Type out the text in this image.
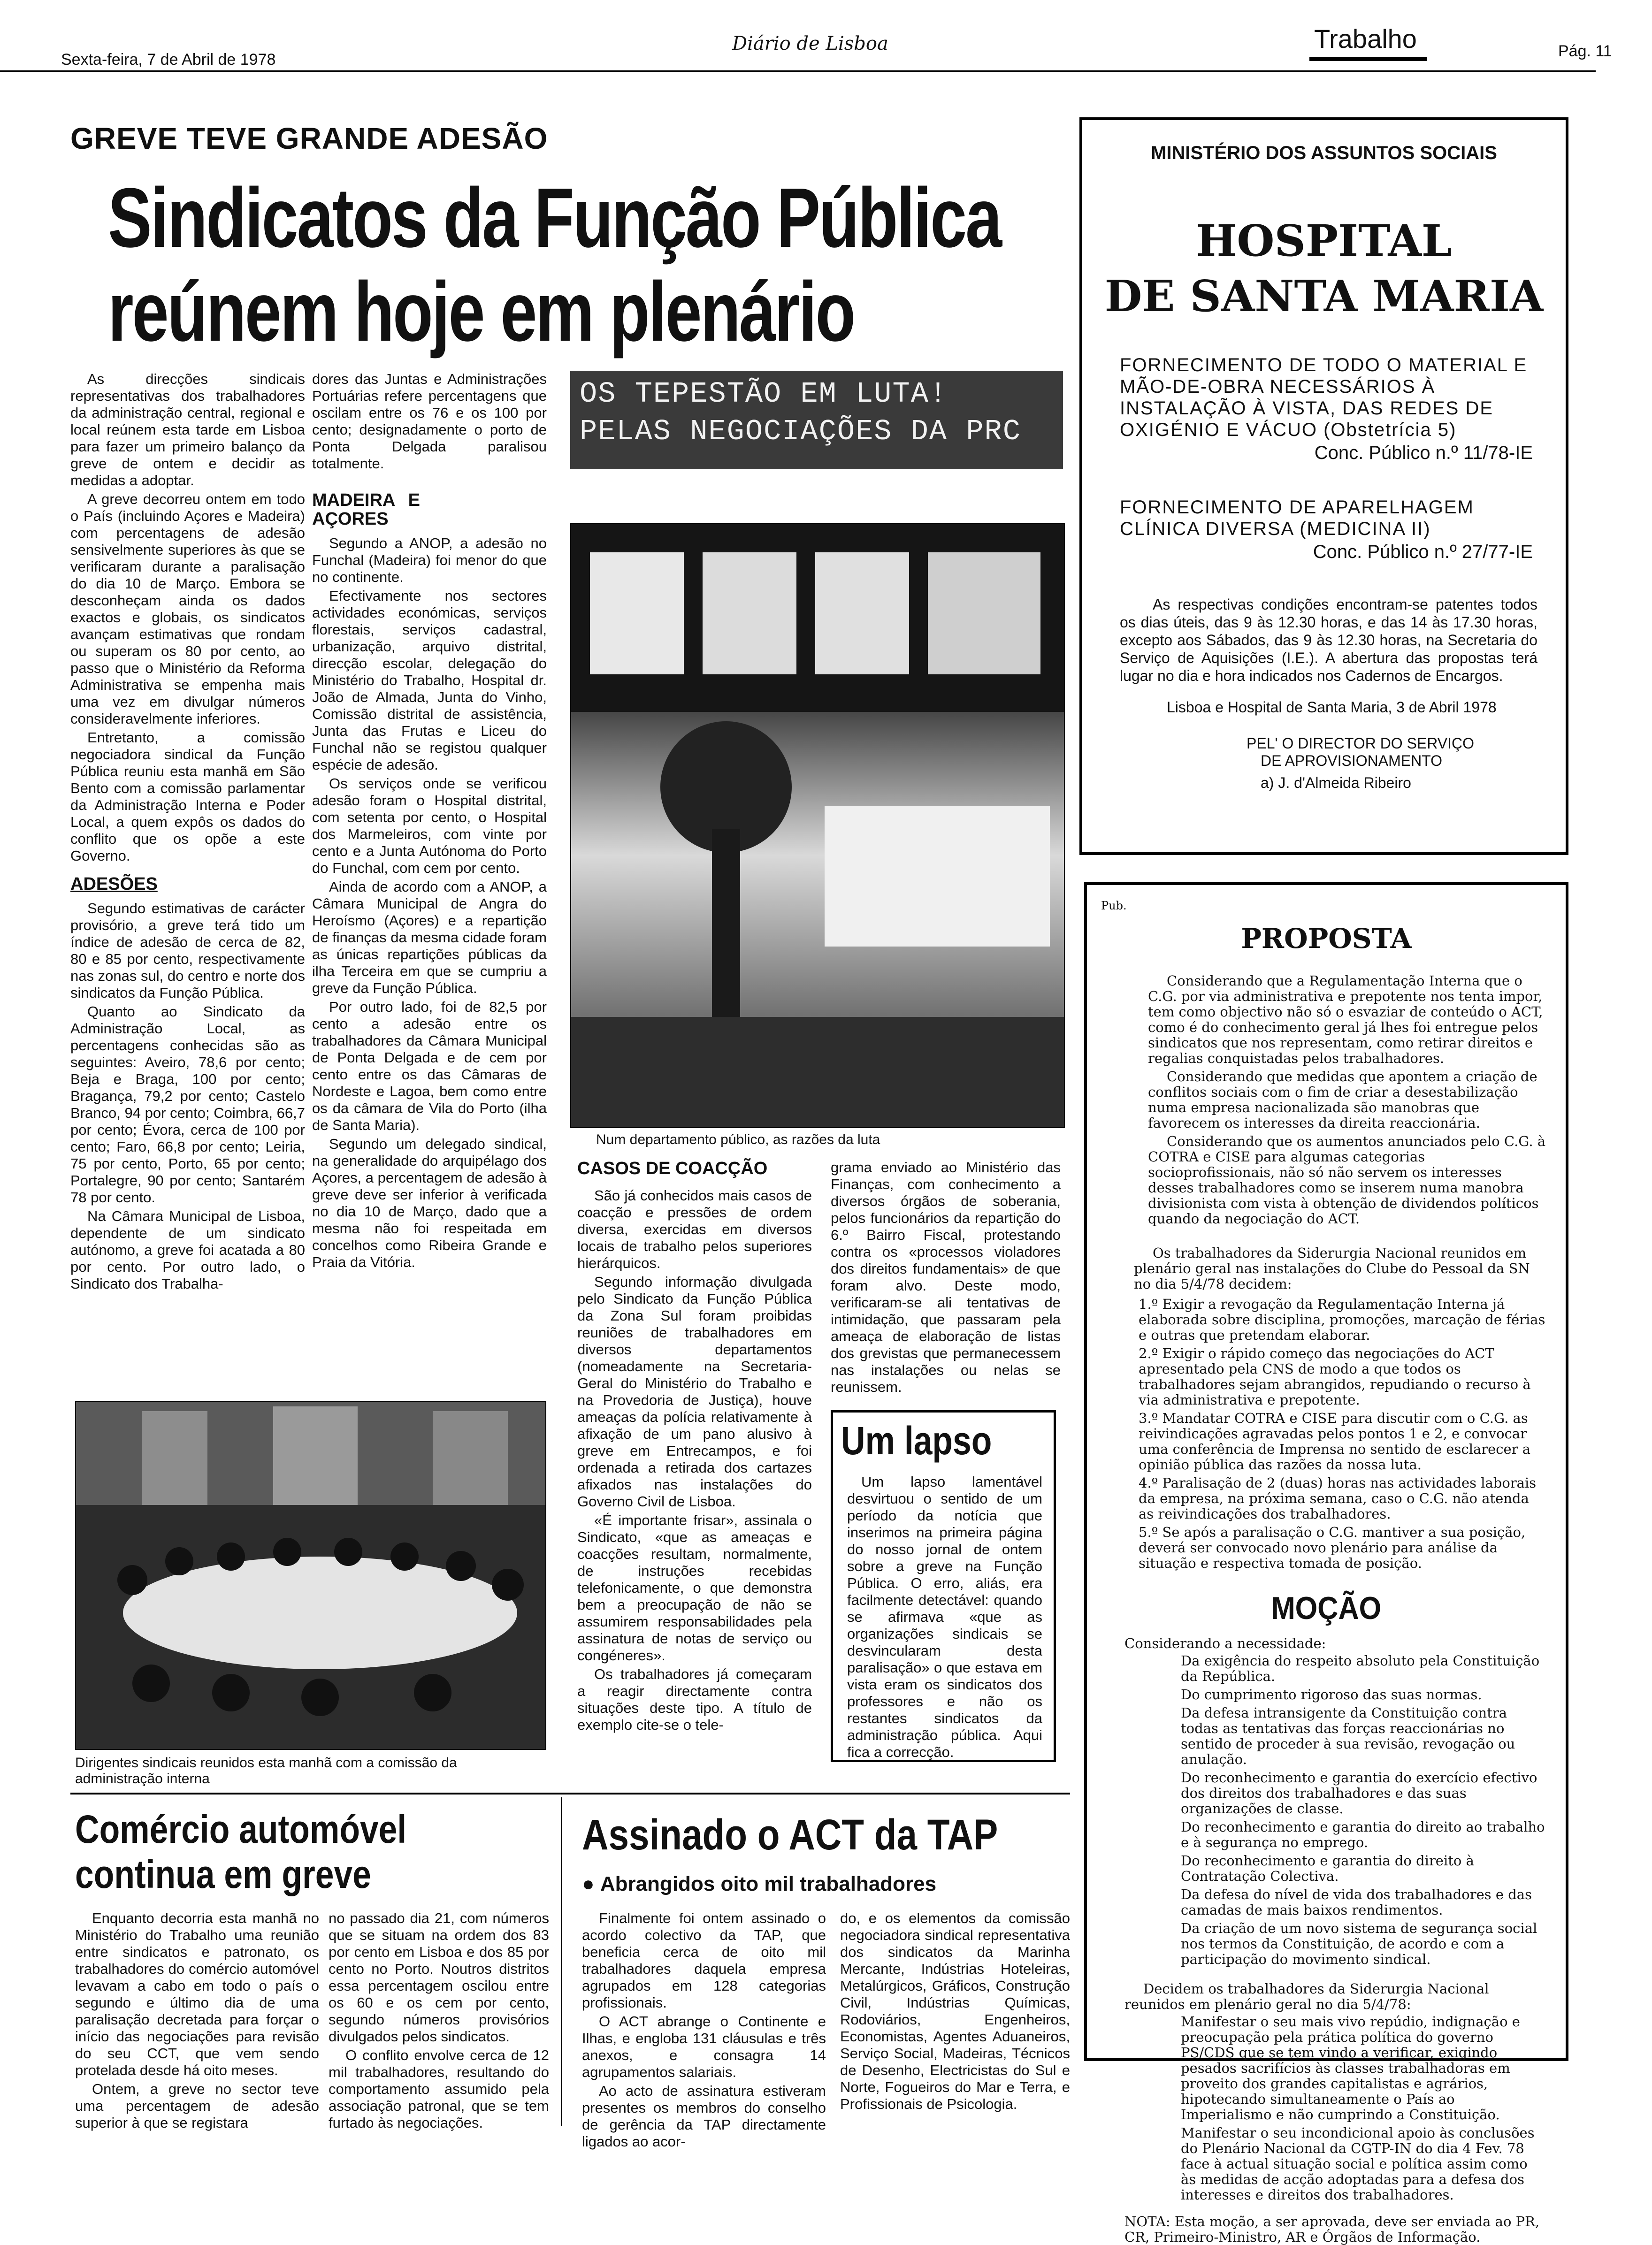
Sexta-feira, 7 de Abril de 1978
Diário de Lisboa	Trabalho	Pág. 11
GREVE TEVE GRANDE ADESÃO
Sindicatos da Função Pública
reúnem hoje em plenário

As direcções sindicais representativas dos trabalhadores da administração central, regional e local reúnem esta tarde em Lisboa para fazer um primeiro balanço da greve de ontem e decidir as medidas a adoptar.

A greve decorreu ontem em todo o País (incluindo Açores e Madeira) com percentagens de adesão sensivelmente superiores às que se verificaram durante a paralisação do dia 10 de Março. Embora se desconheçam ainda os dados exactos e globais, os sindicatos avançam estimativas que rondam ou superam os 80 por cento, ao passo que o Ministério da Reforma Administrativa se empenha mais uma vez em divulgar números consideravelmente inferiores.

Entretanto, a comissão negociadora sindical da Função Pública reuniu esta manhã em São Bento com a comissão parlamentar da Administração Interna e Poder Local, a quem expôs os dados do conflito que os opõe a este Governo.

ADESÕES

Segundo estimativas de carácter provisório, a greve terá tido um índice de adesão de cerca de 82, 80 e 85 por cento, respectivamente nas zonas sul, do centro e norte dos sindicatos da Função Pública.

Quanto ao Sindicato da Administração Local, as percentagens conhecidas são as seguintes: Aveiro, 78,6 por cento; Beja e Braga, 100 por cento; Bragança, 79,2 por cento; Castelo Branco, 94 por cento; Coimbra, 66,7 por cento; Évora, cerca de 100 por cento; Faro, 66,8 por cento; Leiria, 75 por cento, Porto, 65 por cento; Portalegre, 90 por cento; Santarém 78 por cento.

Na Câmara Municipal de Lisboa, dependente de um sindicato autónomo, a greve foi acatada a 80 por cento. Por outro lado, o Sindicato dos Trabalha-

dores das Juntas e Administrações Portuárias refere percentagens que oscilam entre os 76 e os 100 por cento; designadamente o porto de Ponta Delgada paralisou totalmente.

MADEIRA E AÇORES

Segundo a ANOP, a adesão no Funchal (Madeira) foi menor do que no continente.

Efectivamente nos sectores actividades económicas, serviços florestais, serviços cadastral, urbanização, arquivo distrital, direcção escolar, delegação do Ministério do Trabalho, Hospital dr. João de Almada, Junta do Vinho, Comissão distrital de assistência, Junta das Frutas e Liceu do Funchal não se registou qualquer espécie de adesão.

Os serviços onde se verificou adesão foram o Hospital distrital, com setenta por cento, o Hospital dos Marmeleiros, com vinte por cento e a Junta Autónoma do Porto do Funchal, com cem por cento.

Ainda de acordo com a ANOP, a Câmara Municipal de Angra do Heroísmo (Açores) e a repartição de finanças da mesma cidade foram as únicas repartições públicas da ilha Terceira em que se cumpriu a greve da Função Pública.

Por outro lado, foi de 82,5 por cento a adesão entre os trabalhadores da Câmara Municipal de Ponta Delgada e de cem por cento entre os das Câmaras de Nordeste e Lagoa, bem como entre os da câmara de Vila do Porto (ilha de Santa Maria).

Segundo um delegado sindical, na generalidade do arquipélago dos Açores, a percentagem de adesão à greve deve ser inferior à verificada no dia 10 de Março, dado que a mesma não foi respeitada em concelhos como Ribeira Grande e Praia da Vitória.

OS TEPESTÃO EM LUTA! PELAS NEGOCIAÇÕES DA PRC
Num departamento público, as razões da luta
Dirigentes sindicais reunidos esta manhã com a comissão da administração interna
CASOS DE COACÇÃO

São já conhecidos mais casos de coacção e pressões de ordem diversa, exercidas em diversos locais de trabalho pelos superiores hierárquicos.

Segundo informação divulgada pelo Sindicato da Função Pública da Zona Sul foram proibidas reuniões de trabalhadores em diversos departamentos (nomeadamente na Secretaria-Geral do Ministério do Trabalho e na Provedoria de Justiça), houve ameaças da polícia relativamente à afixação de um pano alusivo à greve em Entrecampos, e foi ordenada a retirada dos cartazes afixados nas instalações do Governo Civil de Lisboa.

«É importante frisar», assinala o Sindicato, «que as ameaças e coacções resultam, normalmente, de instruções recebidas telefonicamente, o que demonstra bem a preocupação de não se assumirem responsabilidades pela assinatura de notas de serviço ou congéneres».

Os trabalhadores já começaram a reagir directamente contra situações deste tipo. A título de exemplo cite-se o tele-

grama enviado ao Ministério das Finanças, com conhecimento a diversos órgãos de soberania, pelos funcionários da repartição do 6.º Bairro Fiscal, protestando contra os «processos violadores dos direitos fundamentais» de que foram alvo. Deste modo, verificaram-se ali tentativas de intimidação, que passaram pela ameaça de elaboração de listas dos grevistas que permanecessem nas instalações ou nelas se reunissem.

Um lapso
Um lapso lamentável desvirtuou o sentido de um período da notícia que inserimos na primeira página do nosso jornal de ontem sobre a greve na Função Pública. O erro, aliás, era facilmente detectável: quando se afirmava «que as organizações sindicais se desvincularam desta paralisação» o que estava em vista eram os sindicatos dos professores e não os restantes sindicatos da administração pública. Aqui fica a correcção.
Comércio automóvel
continua em greve

Enquanto decorria esta manhã no Ministério do Trabalho uma reunião entre sindicatos e patronato, os trabalhadores do comércio automóvel levavam a cabo em todo o país o segundo e último dia de uma paralisação decretada para forçar o início das negociações para revisão do seu CCT, que vem sendo protelada desde há oito meses.

Ontem, a greve no sector teve uma percentagem de adesão superior à que se registara

no passado dia 21, com números que se situam na ordem dos 83 por cento em Lisboa e dos 85 por cento no Porto. Noutros distritos essa percentagem oscilou entre os 60 e os cem por cento, segundo números provisórios divulgados pelos sindicatos.

O conflito envolve cerca de 12 mil trabalhadores, resultando do comportamento assumido pela associação patronal, que se tem furtado às negociações.

Assinado o ACT da TAP
● Abrangidos oito mil trabalhadores

Finalmente foi ontem assinado o acordo colectivo da TAP, que beneficia cerca de oito mil trabalhadores daquela empresa agrupados em 128 categorias profissionais.

O ACT abrange o Continente e Ilhas, e engloba 131 cláusulas e três anexos, e consagra 14 agrupamentos salariais.

Ao acto de assinatura estiveram presentes os membros do conselho de gerência da TAP directamente ligados ao acor-

do, e os elementos da comissão negociadora sindical representativa dos sindicatos da Marinha Mercante, Indústrias Hoteleiras, Metalúrgicos, Gráficos, Construção Civil, Indústrias Químicas, Rodoviários, Engenheiros, Economistas, Agentes Aduaneiros, Serviço Social, Madeiras, Técnicos de Desenho, Electricistas do Sul e Norte, Fogueiros do Mar e Terra, e Profissionais de Psicologia.

MINISTÉRIO DOS ASSUNTOS SOCIAIS
HOSPITAL
DE SANTA MARIA
FORNECIMENTO DE TODO O MATERIAL E MÃO-DE-OBRA NECESSÁRIOS À INSTALAÇÃO À VISTA, DAS REDES DE OXIGÉNIO E VÁCUO (Obstetrícia 5)
Conc. Público n.º 11/78-IE
FORNECIMENTO DE APARELHAGEM CLÍNICA DIVERSA (MEDICINA II)
Conc. Público n.º 27/77-IE
As respectivas condições encontram-se patentes todos os dias úteis, das 9 às 12.30 horas, e das 14 às 17.30 horas, excepto aos Sábados, das 9 às 12.30 horas, na Secretaria do Serviço de Aquisições (I.E.). A abertura das propostas terá lugar no dia e hora indicados nos Cadernos de Encargos.
Lisboa e Hospital de Santa Maria, 3 de Abril 1978
PEL' O DIRECTOR DO SERVIÇO
DE APROVISIONAMENTO
a) J. d'Almeida Ribeiro
Pub.
PROPOSTA

Considerando que a Regulamentação Interna que o C.G. por via administrativa e prepotente nos tenta impor, tem como objectivo não só o esvaziar de conteúdo o ACT, como é do conhecimento geral já lhes foi entregue pelos sindicatos que nos representam, como retirar direitos e regalias conquistadas pelos trabalhadores.

Considerando que medidas que apontem a criação de conflitos sociais com o fim de criar a desestabilização numa empresa nacionalizada são manobras que favorecem os interesses da direita reaccionária.

Considerando que os aumentos anunciados pelo C.G. à COTRA e CISE para algumas categorias socioprofissionais, não só não servem os interesses desses trabalhadores como se inserem numa manobra divisionista com vista à obtenção de dividendos políticos quando da negociação do ACT.

Os trabalhadores da Siderurgia Nacional reunidos em plenário geral nas instalações do Clube do Pessoal da SN no dia 5/4/78 decidem:

1.º Exigir a revogação da Regulamentação Interna já elaborada sobre disciplina, promoções, marcação de férias e outras que pretendam elaborar.

2.º Exigir o rápido começo das negociações do ACT apresentado pela CNS de modo a que todos os trabalhadores sejam abrangidos, repudiando o recurso à via administrativa e prepotente.

3.º Mandatar COTRA e CISE para discutir com o C.G. as reivindicações agravadas pelos pontos 1 e 2, e convocar uma conferência de Imprensa no sentido de esclarecer a opinião pública das razões da nossa luta.

4.º Paralisação de 2 (duas) horas nas actividades laborais da empresa, na próxima semana, caso o C.G. não atenda as reivindicações dos trabalhadores.

5.º Se após a paralisação o C.G. mantiver a sua posição, deverá ser convocado novo plenário para análise da situação e respectiva tomada de posição.

MOÇÃO
Considerando a necessidade:

Da exigência do respeito absoluto pela Constituição da República.

Do cumprimento rigoroso das suas normas.

Da defesa intransigente da Constituição contra todas as tentativas das forças reaccionárias no sentido de proceder à sua revisão, revogação ou anulação.

Do reconhecimento e garantia do exercício efectivo dos direitos dos trabalhadores e das suas organizações de classe.

Do reconhecimento e garantia do direito ao trabalho e à segurança no emprego.

Do reconhecimento e garantia do direito à Contratação Colectiva.

Da defesa do nível de vida dos trabalhadores e das camadas de mais baixos rendimentos.

Da criação de um novo sistema de segurança social nos termos da Constituição, de acordo e com a participação do movimento sindical.

Decidem os trabalhadores da Siderurgia Nacional reunidos em plenário geral no dia 5/4/78:

Manifestar o seu mais vivo repúdio, indignação e preocupação pela prática política do governo PS/CDS que se tem vindo a verificar, exigindo pesados sacrifícios às classes trabalhadoras em proveito dos grandes capitalistas e agrários, hipotecando simultaneamente o País ao Imperialismo e não cumprindo a Constituição.

Manifestar o seu incondicional apoio às conclusões do Plenário Nacional da CGTP-IN do dia 4 Fev. 78 face à actual situação social e política assim como às medidas de acção adoptadas para a defesa dos interesses e direitos dos trabalhadores.

NOTA: Esta moção, a ser aprovada, deve ser enviada ao PR, CR, Primeiro-Ministro, AR e Órgãos de Informação.
